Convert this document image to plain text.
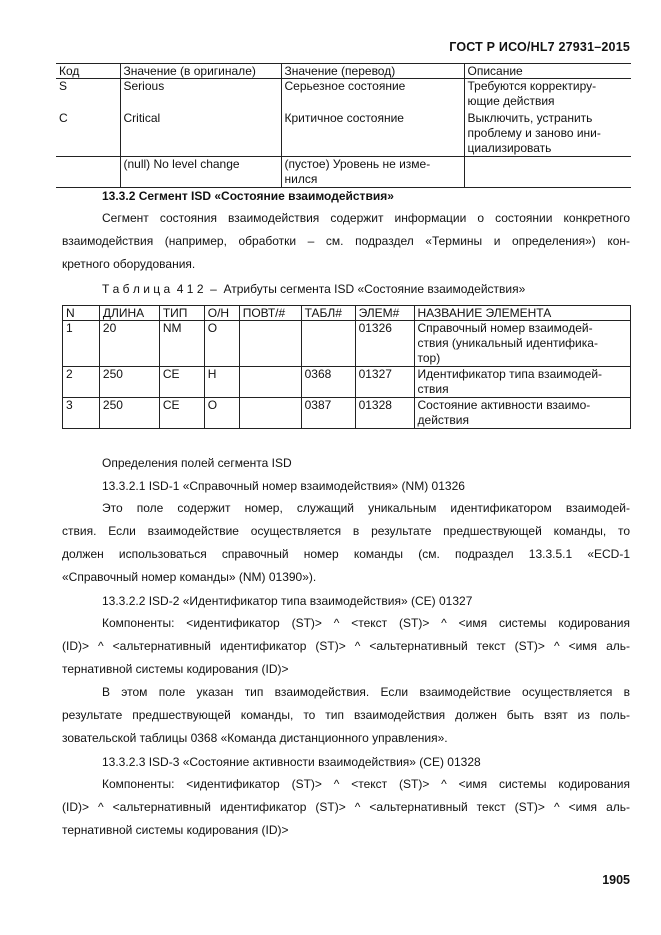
ГОСТ Р ИСО/HL7 27931–2015
Код	Значение (в оригинале)	Значение (перевод)	Описание
S	Serious	Серьезное состояние	Требуются корректиру-
ющие действия
C	Critical	Критичное состояние	Выключить, устранить
проблему и заново ини-
циализировать
	(null) No level change	(пустое) Уровень не изме-
нился	
13.3.2 Сегмент ISD «Состояние взаимодействия»
Сегмент состояния взаимодействия содержит информации о состоянии конкретного
взаимодействия (например, обработки – см. подраздел «Термины и определения») кон-
кретного оборудования.
Т а б л и ц а  4 1 2  –  Атрибуты сегмента ISD «Состояние взаимодействия»
N	ДЛИНА	ТИП	О/Н	ПОВТ/#	ТАБЛ#	ЭЛЕМ#	НАЗВАНИЕ ЭЛЕМЕНТА
1	20	NM	O			01326	Справочный номер взаимодей-
ствия (уникальный идентифика-
тор)
2	250	CE	H		0368	01327	Идентификатор типа взаимодей-
ствия
3	250	CE	O		0387	01328	Состояние активности взаимо-
действия
Определения полей сегмента ISD
13.3.2.1 ISD-1 «Справочный номер взаимодействия» (NM) 01326
Это поле содержит номер, служащий уникальным идентификатором взаимодей-
ствия. Если взаимодействие осуществляется в результате предшествующей команды, то
должен использоваться справочный номер команды (см. подраздел 13.3.5.1 «ECD-1
«Справочный номер команды» (NM) 01390»).
13.3.2.2 ISD-2 «Идентификатор типа взаимодействия» (CE) 01327
Компоненты: <идентификатор (ST)> ^ <текст (ST)> ^ <имя системы кодирования
(ID)> ^ <альтернативный идентификатор (ST)> ^ <альтернативный текст (ST)> ^ <имя аль-
тернативной системы кодирования (ID)>
В этом поле указан тип взаимодействия. Если взаимодействие осуществляется в
результате предшествующей команды, то тип взаимодействия должен быть взят из поль-
зовательской таблицы 0368 «Команда дистанционного управления».
13.3.2.3 ISD-3 «Состояние активности взаимодействия» (CE) 01328
Компоненты: <идентификатор (ST)> ^ <текст (ST)> ^ <имя системы кодирования
(ID)> ^ <альтернативный идентификатор (ST)> ^ <альтернативный текст (ST)> ^ <имя аль-
тернативной системы кодирования (ID)>
1905
